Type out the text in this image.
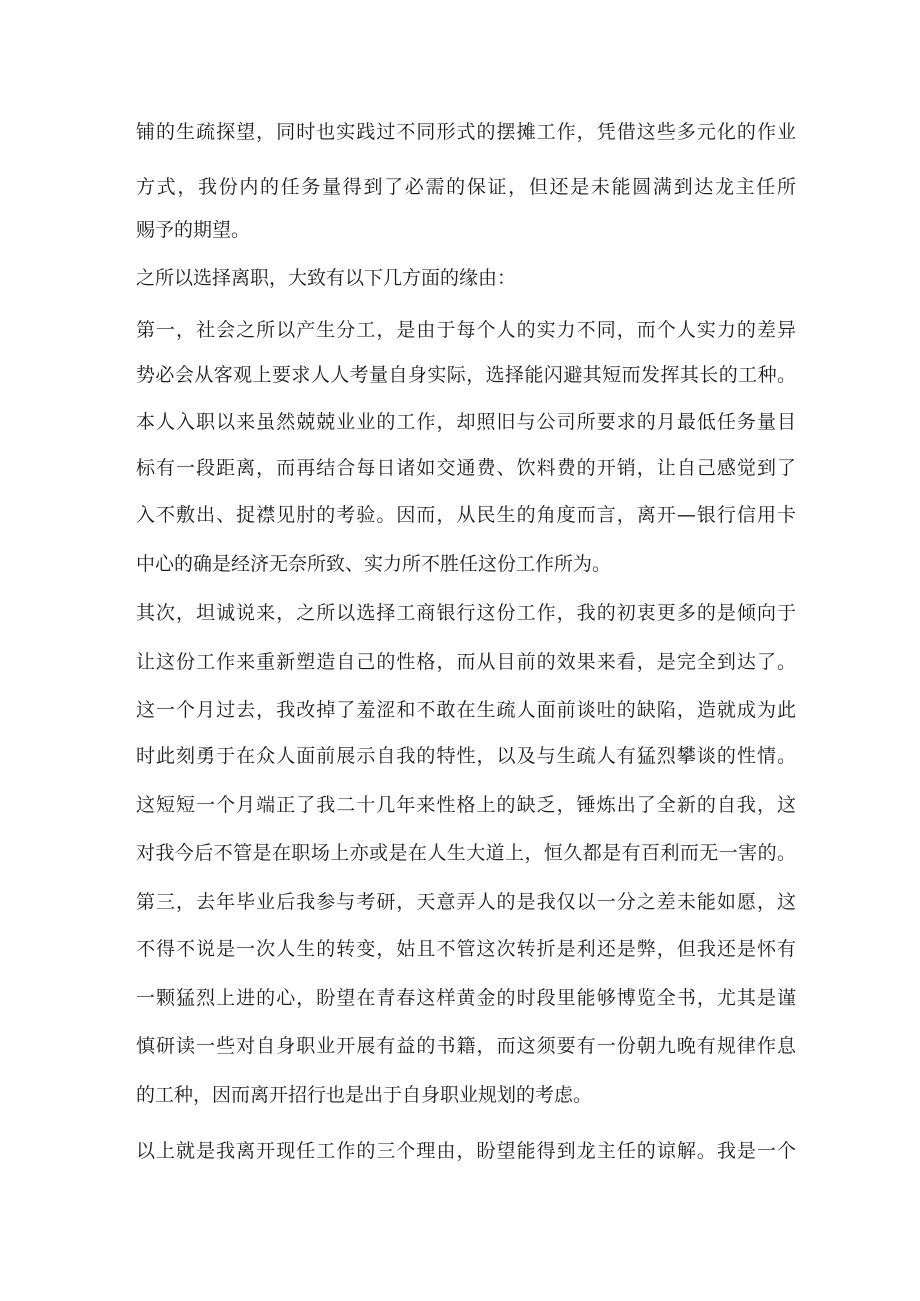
铺的生疏探望，同时也实践过不同形式的摆摊工作，凭借这些多元化的作业
方式，我份内的任务量得到了必需的保证，但还是未能圆满到达龙主任所
赐予的期望。
之所以选择离职，大致有以下几方面的缘由：
第一，社会之所以产生分工，是由于每个人的实力不同，而个人实力的差异
势必会从客观上要求人人考量自身实际，选择能闪避其短而发挥其长的工种。
本人入职以来虽然兢兢业业的工作，却照旧与公司所要求的月最低任务量目
标有一段距离，而再结合每日诸如交通费、饮料费的开销，让自己感觉到了
入不敷出、捉襟见肘的考验。因而，从民生的角度而言，离开—银行信用卡
中心的确是经济无奈所致、实力所不胜任这份工作所为。
其次，坦诚说来，之所以选择工商银行这份工作，我的初衷更多的是倾向于
让这份工作来重新塑造自己的性格，而从目前的效果来看，是完全到达了。
这一个月过去，我改掉了羞涩和不敢在生疏人面前谈吐的缺陷，造就成为此
时此刻勇于在众人面前展示自我的特性，以及与生疏人有猛烈攀谈的性情。
这短短一个月端正了我二十几年来性格上的缺乏，锤炼出了全新的自我，这
对我今后不管是在职场上亦或是在人生大道上，恒久都是有百利而无一害的。
第三，去年毕业后我参与考研，天意弄人的是我仅以一分之差未能如愿，这
不得不说是一次人生的转变，姑且不管这次转折是利还是弊，但我还是怀有
一颗猛烈上进的心，盼望在青春这样黄金的时段里能够博览全书，尤其是谨
慎研读一些对自身职业开展有益的书籍，而这须要有一份朝九晚有规律作息
的工种，因而离开招行也是出于自身职业规划的考虑。
以上就是我离开现任工作的三个理由，盼望能得到龙主任的谅解。我是一个
